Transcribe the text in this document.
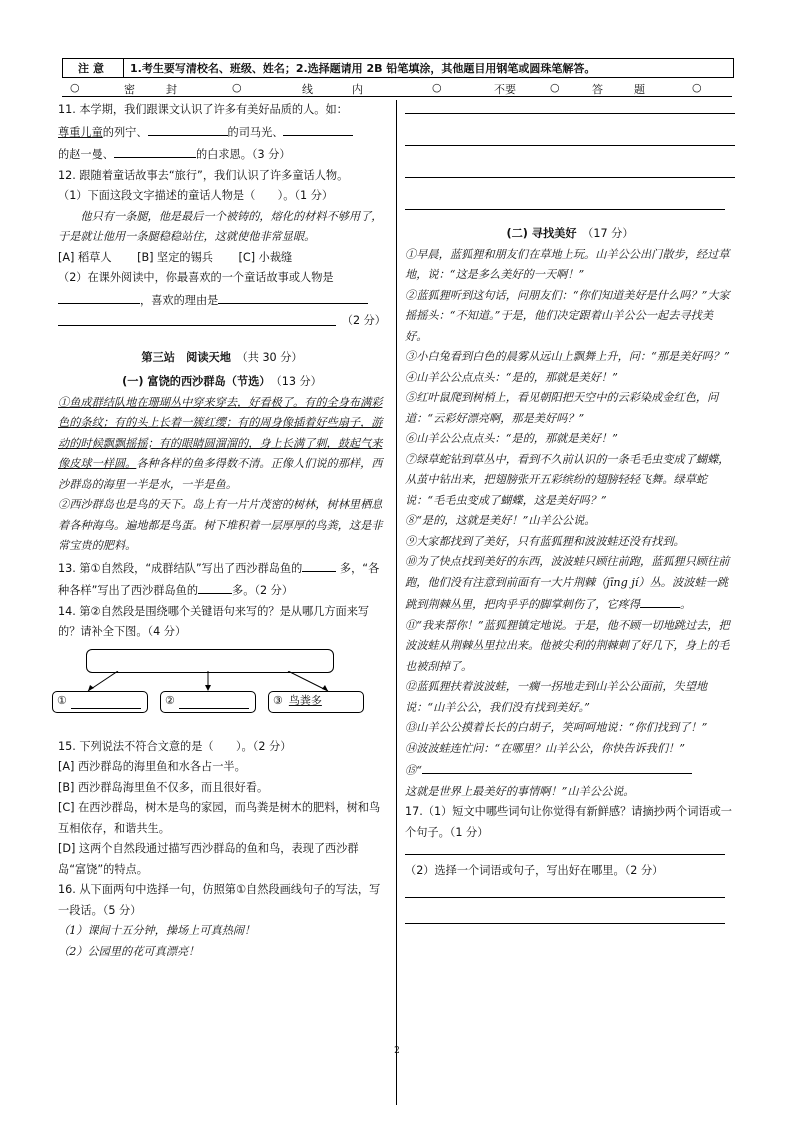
注意	1.考生要写清校名、班级、姓名；2.选择题请用 2B 铅笔填涂，其他题目用钢笔或圆珠笔解答。
○	密	封	○	线	内	○	不要	○	答	题	○

11. 本学期，我们跟课文认识了许多有美好品质的人。如：

尊重儿童的列宁、	的司马光、

的赵一曼、	的白求恩。（3 分）

12. 跟随着童话故事去“旅行”，我们认识了许多童话人物。

（1）下面这段文字描述的童话人物是（　　）。（1 分）

他只有一条腿，他是最后一个被铸的，熔化的材料不够用了，于是就让他用一条腿稳稳站住，这就使他非常显眼。

[A] 稻草人 [B] 坚定的锡兵 [C] 小裁缝

（2）在课外阅读中，你最喜欢的一个童话故事或人物是

，喜欢的理由是

（2 分）

第三站　阅读天地　 （共 30 分）

(一) 富饶的西沙群岛（节选）　 （13 分）

①鱼成群结队地在珊瑚丛中穿来穿去，好看极了。有的全身布满彩色的条纹；有的头上长着一簇红缨；有的周身像插着好些扇子，游动的时候飘飘摇摇；有的眼睛圆溜溜的，身上长满了刺，鼓起气来像皮球一样圆。各种各样的鱼多得数不清。正像人们说的那样，西沙群岛的海里一半是水，一半是鱼。

②西沙群岛也是鸟的天下。岛上有一片片茂密的树林，树林里栖息着各种海鸟。遍地都是鸟蛋。树下堆积着一层厚厚的鸟粪，这是非常宝贵的肥料。

13. 第①自然段，“成群结队”写出了西沙群岛鱼的	多，“各种各样”写出了西沙群岛鱼的	多。（2 分）

14. 第②自然段是围绕哪个关键语句来写的？是从哪几方面来写的？请补全下图。（4 分）

①	②	③ 鸟粪多

15. 下列说法不符合文意的是（　　）。（2 分）

[A] 西沙群岛的海里鱼和水各占一半。

[B] 西沙群岛海里鱼不仅多，而且很好看。

[C] 在西沙群岛，树木是鸟的家园，而鸟粪是树木的肥料，树和鸟互相依存，和谐共生。

[D] 这两个自然段通过描写西沙群岛的鱼和鸟，表现了西沙群岛“富饶”的特点。

16. 从下面两句中选择一句，仿照第①自然段画线句子的写法，写一段话。（5 分）

（1）课间十五分钟，操场上可真热闹！

（2）公园里的花可真漂亮！

(二) 寻找美好　 （17 分）

①早晨，蓝狐狸和朋友们在草地上玩。山羊公公出门散步，经过草地，说：“这是多么美好的一天啊！”

②蓝狐狸听到这句话，问朋友们：“你们知道美好是什么吗？”大家摇摇头：“不知道。”于是，他们决定跟着山羊公公一起去寻找美好。

③小白兔看到白色的晨雾从远山上飘舞上升，问：“那是美好吗？”

④山羊公公点点头：“是的，那就是美好！”

⑤红叶鼠爬到树梢上，看见朝阳把天空中的云彩染成金红色，问道：“云彩好漂亮啊，那是美好吗？”

⑥山羊公公点点头：“是的，那就是美好！”

⑦绿草蛇钻到草丛中，看到不久前认识的一条毛毛虫变成了蝴蝶，从茧中钻出来，把翅膀张开五彩缤纷的翅膀轻轻飞舞。绿草蛇说：“毛毛虫变成了蝴蝶，这是美好吗？”

⑧“是的，这就是美好！”山羊公公说。

⑨大家都找到了美好，只有蓝狐狸和波波蛙还没有找到。

⑩为了快点找到美好的东西，波波蛙只顾往前跑，蓝狐狸只顾往前跑，他们没有注意到前面有一大片荆棘（jīng jí）丛。波波蛙一跳跳到荆棘丛里，把肉乎乎的脚掌刺伤了，它疼得	。

⑪“我来帮你！”蓝狐狸镇定地说。于是，他不顾一切地跳过去，把波波蛙从荆棘丛里拉出来。他被尖利的荆棘刺了好几下，身上的毛也被刮掉了。

⑫蓝狐狸扶着波波蛙，一瘸一拐地走到山羊公公面前，失望地说：“山羊公公，我们没有找到美好。”

⑬山羊公公摸着长长的白胡子，笑呵呵地说：“你们找到了！”

⑭波波蛙连忙问：“在哪里？山羊公公，你快告诉我们！”

⑮“

这就是世界上最美好的事情啊！”山羊公公说。

17.（1）短文中哪些词句让你觉得有新鲜感？请摘抄两个词语或一个句子。（1 分）

（2）选择一个词语或句子，写出好在哪里。（2 分）

2
